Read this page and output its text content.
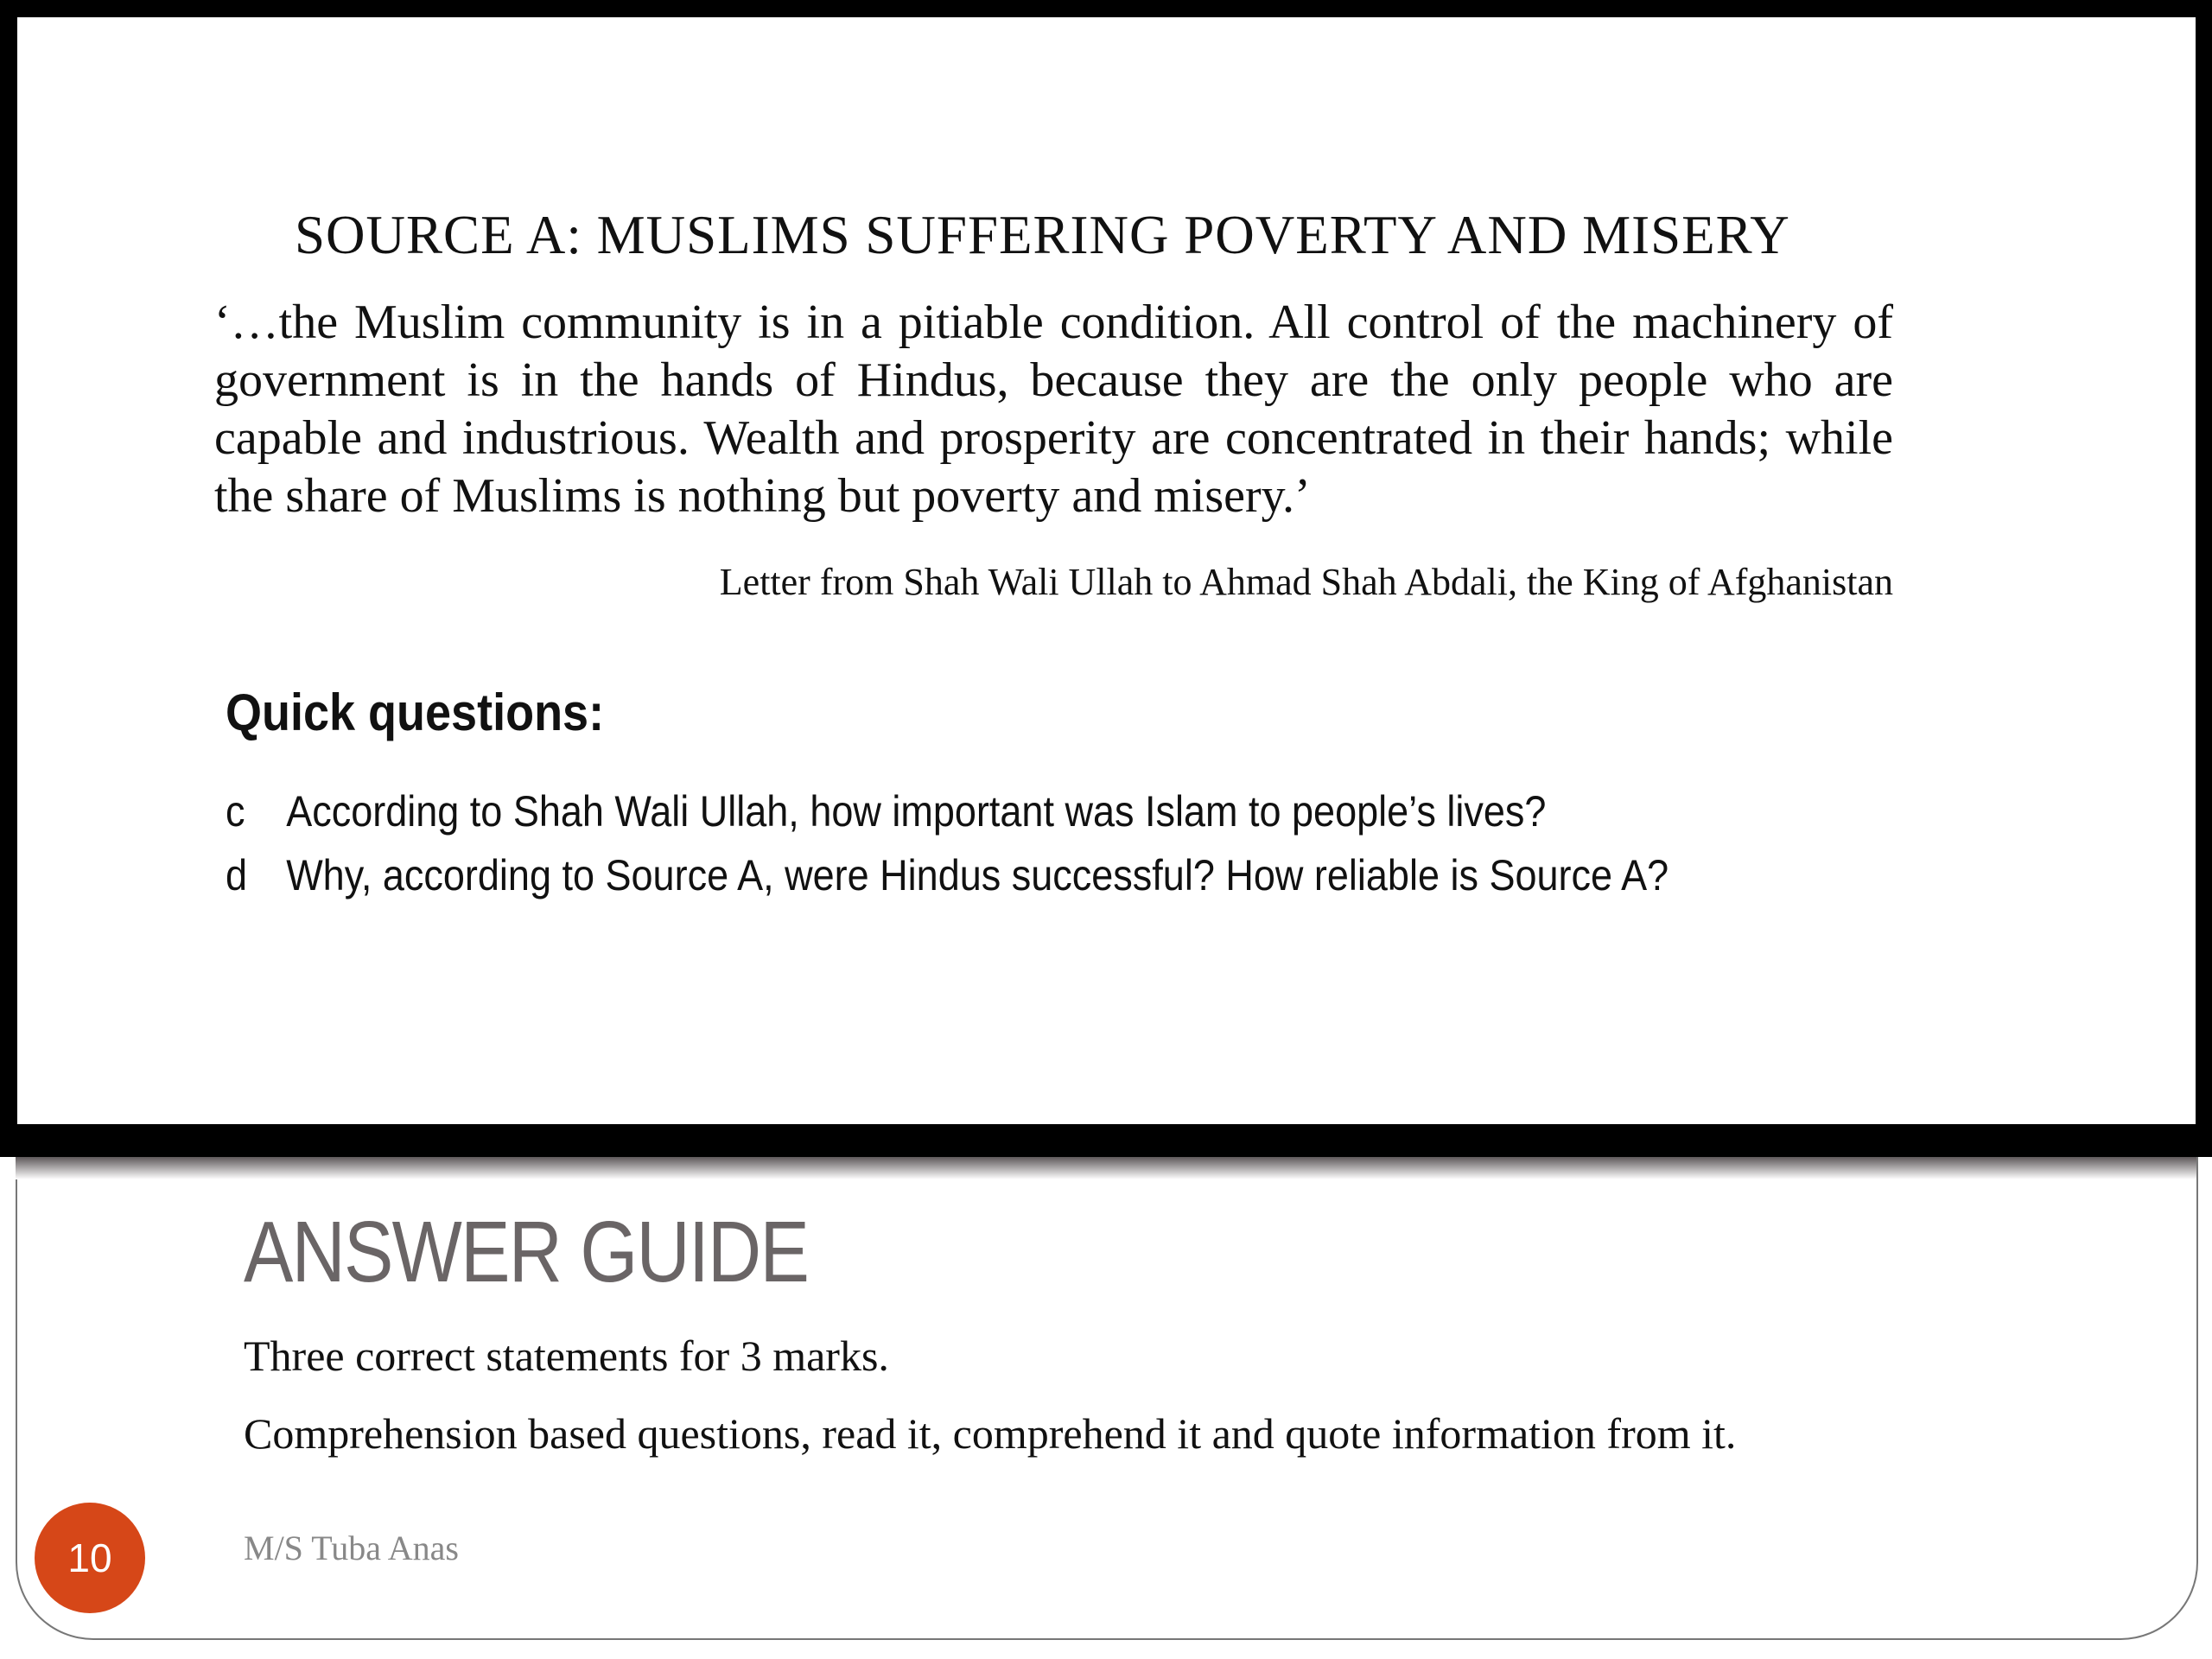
SOURCE A: MUSLIMS SUFFERING POVERTY AND MISERY
‘…the Muslim community is in a pitiable condition. All control of the machinery of government is in the hands of Hindus, because they are the only people who are capable and industrious. Wealth and prosperity are concentrated in their hands; while the share of Muslims is nothing but poverty and misery.’
Letter from Shah Wali Ullah to Ahmad Shah Abdali, the King of Afghanistan
Quick questions:
c According to Shah Wali Ullah, how important was Islam to people’s lives?
d Why, according to Source A, were Hindus successful? How reliable is Source A?
ANSWER GUIDE
Three correct statements for 3 marks.
Comprehension based questions, read it, comprehend it and quote information from it.
10	M/S Tuba Anas
